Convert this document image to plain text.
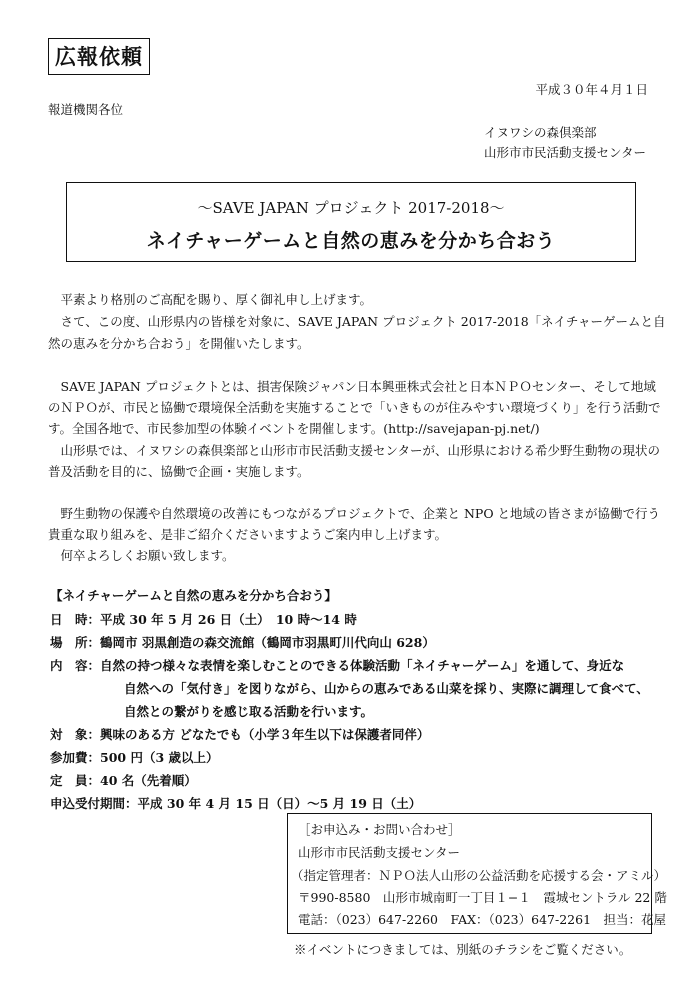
広報依頼
平成３０年４月１日
報道機関各位
イヌワシの森倶楽部
山形市市民活動支援センター
〜SAVE JAPAN プロジェクト 2017-2018〜
ネイチャーゲームと自然の恵みを分かち合おう
　平素より格別のご高配を賜り、厚く御礼申し上げます。
　さて、この度、山形県内の皆様を対象に、SAVE JAPAN プロジェクト 2017-2018「ネイチャーゲームと自
然の恵みを分かち合おう」を開催いたします。
　SAVE JAPAN プロジェクトとは、損害保険ジャパン日本興亜株式会社と日本ＮＰＯセンター、そして地域
のＮＰＯが、市民と協働で環境保全活動を実施することで「いきものが住みやすい環境づくり」を行う活動で
す。全国各地で、市民参加型の体験イベントを開催します。(http://savejapan-pj.net/)
　山形県では、イヌワシの森倶楽部と山形市市民活動支援センターが、山形県における希少野生動物の現状の
普及活動を目的に、協働で企画・実施します。
　野生動物の保護や自然環境の改善にもつながるプロジェクトで、企業と NPO と地域の皆さまが協働で行う
貴重な取り組みを、是非ご紹介くださいますようご案内申し上げます。
　何卒よろしくお願い致します。
【ネイチャーゲームと自然の恵みを分かち合おう】
日　時：平成 30 年 5 月 26 日（土）　10 時〜14 時
場　所：鶴岡市 羽黒創造の森交流館（鶴岡市羽黒町川代向山 628）
内　容：自然の持つ様々な表情を楽しむことのできる体験活動「ネイチャーゲーム」を通して、身近な
自然への「気付き」を図りながら、山からの恵みである山菜を採り、実際に調理して食べて、
自然との繋がりを感じ取る活動を行います。
対　象：興味のある方 どなたでも（小学３年生以下は保護者同伴）
参加費：500 円（3 歳以上）
定　員：40 名（先着順）
申込受付期間：平成 30 年 4 月 15 日（日）〜5 月 19 日（土）
［お申込み・お問い合わせ］
山形市市民活動支援センター
（指定管理者：ＮＰＯ法人山形の公益活動を応援する会・アミル）
〒990-8580　山形市城南町一丁目１−１　霞城セントラル 22 階
電話：（023）647-2260　FAX：（023）647-2261　担当：花屋
※イベントにつきましては、別紙のチラシをご覧ください。
